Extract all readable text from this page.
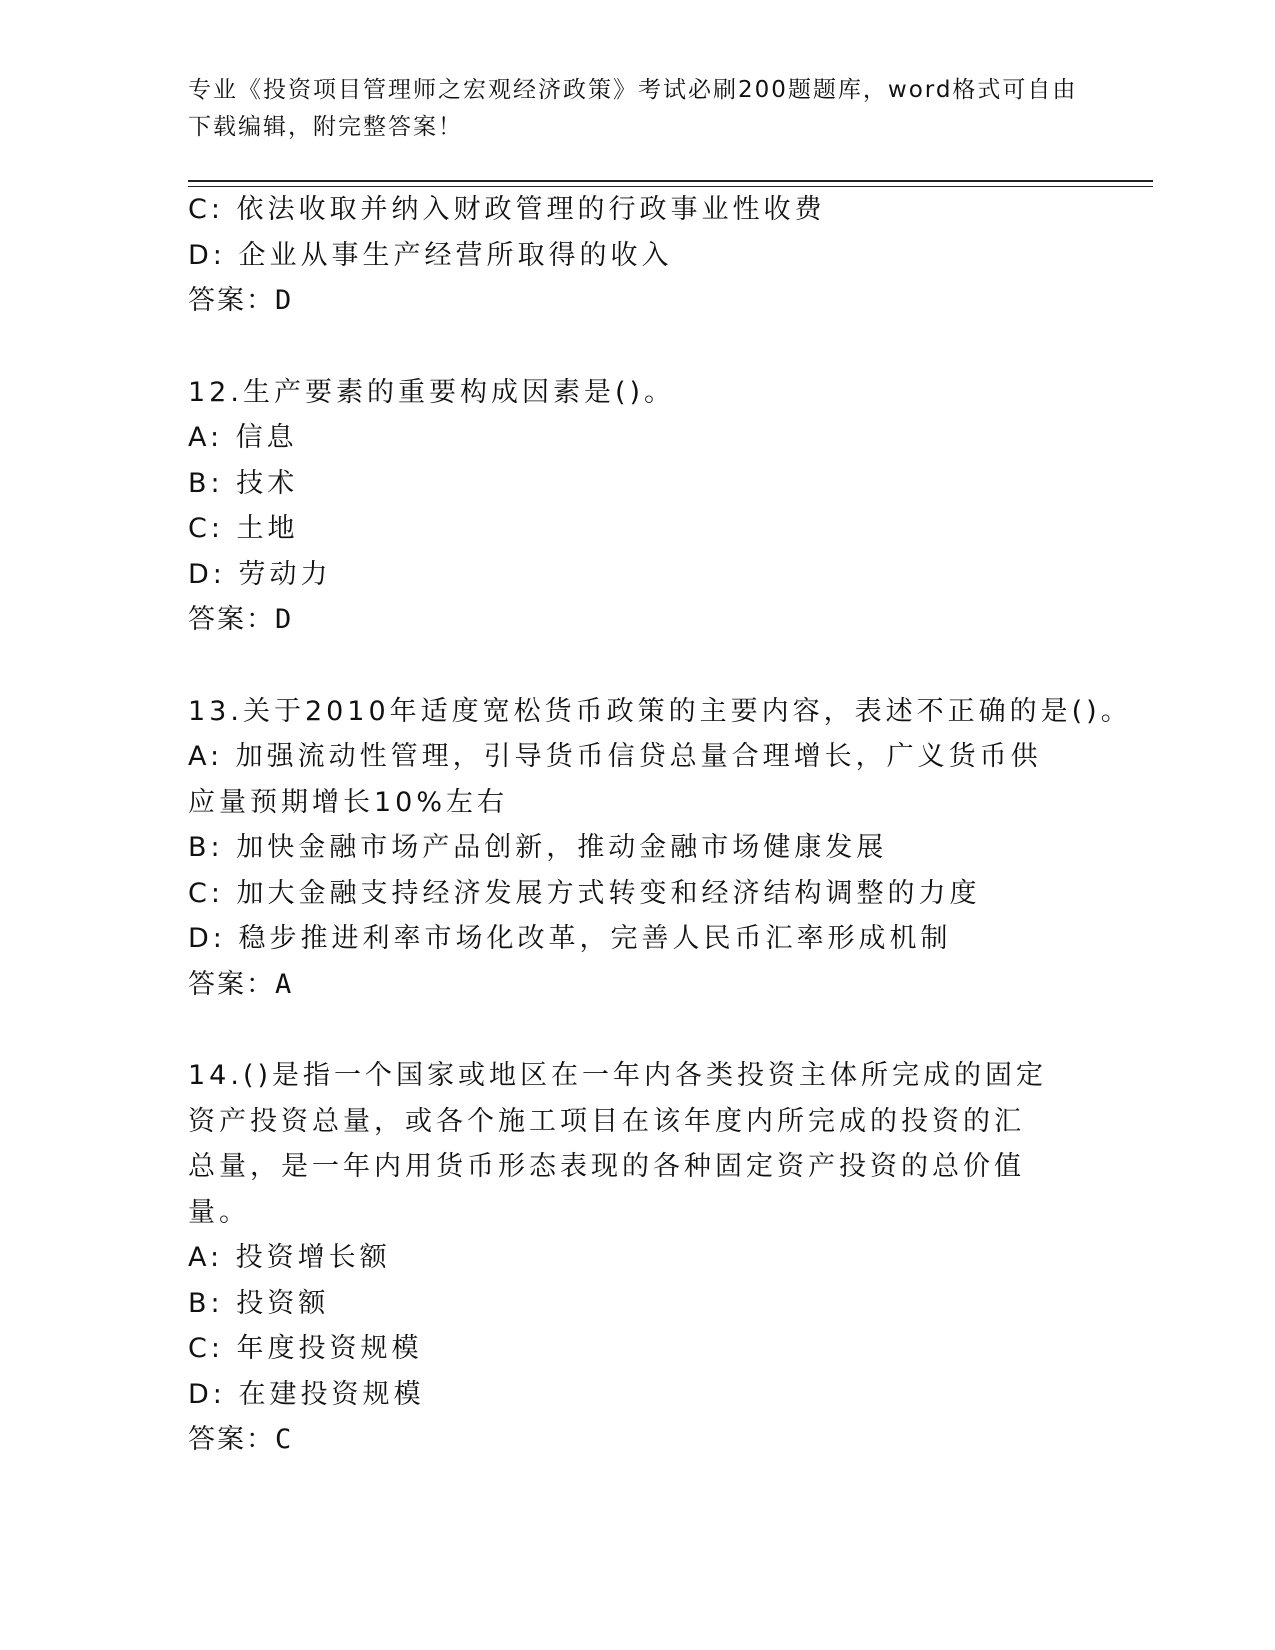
专业《投资项目管理师之宏观经济政策》考试必刷200题题库，word格式可自由下载编辑，附完整答案！
C: 依法收取并纳入财政管理的行政事业性收费
D: 企业从事生产经营所取得的收入
答案：D
12.生产要素的重要构成因素是()。
A: 信息
B: 技术
C: 土地
D: 劳动力
答案：D
13.关于2010年适度宽松货币政策的主要内容，表述不正确的是()。
A: 加强流动性管理，引导货币信贷总量合理增长，广义货币供应量预期增长10%左右
B: 加快金融市场产品创新，推动金融市场健康发展
C: 加大金融支持经济发展方式转变和经济结构调整的力度
D: 稳步推进利率市场化改革，完善人民币汇率形成机制
答案：A
14.()是指一个国家或地区在一年内各类投资主体所完成的固定资产投资总量，或各个施工项目在该年度内所完成的投资的汇总量，是一年内用货币形态表现的各种固定资产投资的总价值量。
A: 投资增长额
B: 投资额
C: 年度投资规模
D: 在建投资规模
答案：C
